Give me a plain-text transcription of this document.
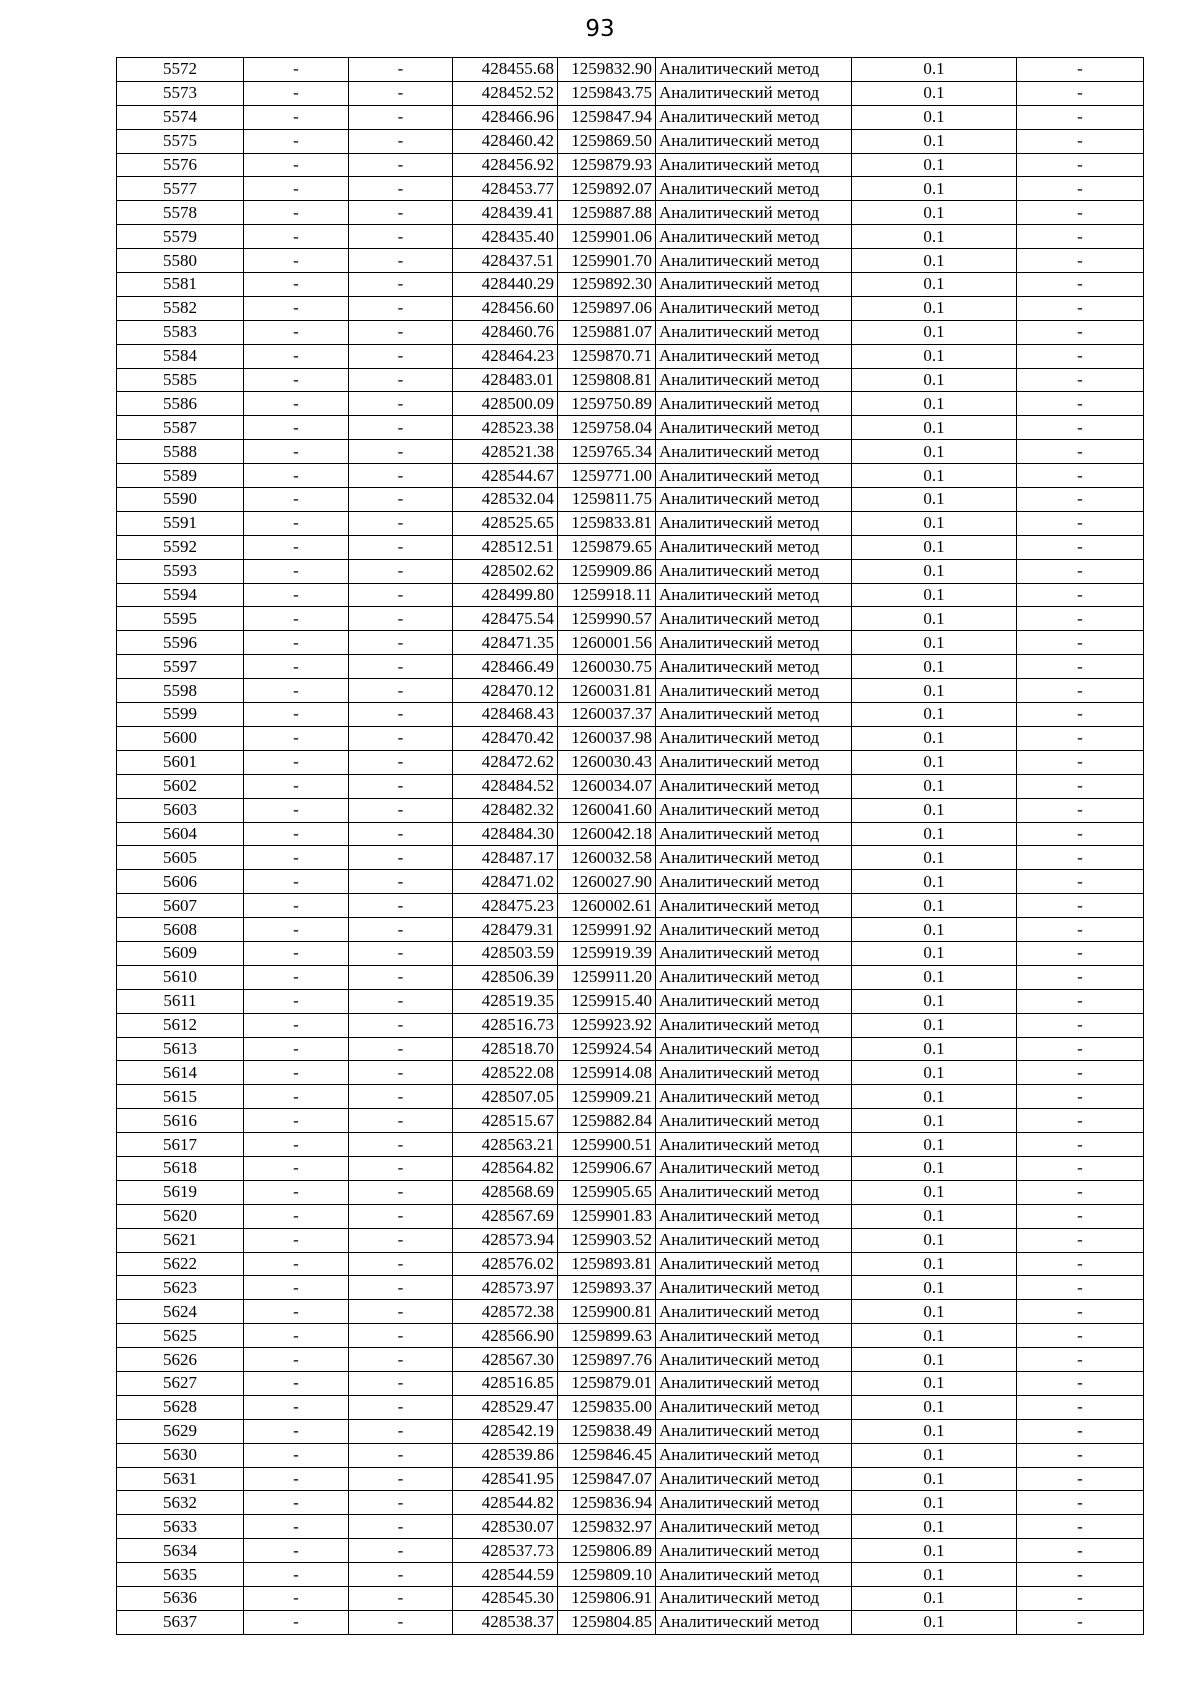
93
5572	-	-	428455.68	1259832.90	Аналитический метод	0.1	-
5573	-	-	428452.52	1259843.75	Аналитический метод	0.1	-
5574	-	-	428466.96	1259847.94	Аналитический метод	0.1	-
5575	-	-	428460.42	1259869.50	Аналитический метод	0.1	-
5576	-	-	428456.92	1259879.93	Аналитический метод	0.1	-
5577	-	-	428453.77	1259892.07	Аналитический метод	0.1	-
5578	-	-	428439.41	1259887.88	Аналитический метод	0.1	-
5579	-	-	428435.40	1259901.06	Аналитический метод	0.1	-
5580	-	-	428437.51	1259901.70	Аналитический метод	0.1	-
5581	-	-	428440.29	1259892.30	Аналитический метод	0.1	-
5582	-	-	428456.60	1259897.06	Аналитический метод	0.1	-
5583	-	-	428460.76	1259881.07	Аналитический метод	0.1	-
5584	-	-	428464.23	1259870.71	Аналитический метод	0.1	-
5585	-	-	428483.01	1259808.81	Аналитический метод	0.1	-
5586	-	-	428500.09	1259750.89	Аналитический метод	0.1	-
5587	-	-	428523.38	1259758.04	Аналитический метод	0.1	-
5588	-	-	428521.38	1259765.34	Аналитический метод	0.1	-
5589	-	-	428544.67	1259771.00	Аналитический метод	0.1	-
5590	-	-	428532.04	1259811.75	Аналитический метод	0.1	-
5591	-	-	428525.65	1259833.81	Аналитический метод	0.1	-
5592	-	-	428512.51	1259879.65	Аналитический метод	0.1	-
5593	-	-	428502.62	1259909.86	Аналитический метод	0.1	-
5594	-	-	428499.80	1259918.11	Аналитический метод	0.1	-
5595	-	-	428475.54	1259990.57	Аналитический метод	0.1	-
5596	-	-	428471.35	1260001.56	Аналитический метод	0.1	-
5597	-	-	428466.49	1260030.75	Аналитический метод	0.1	-
5598	-	-	428470.12	1260031.81	Аналитический метод	0.1	-
5599	-	-	428468.43	1260037.37	Аналитический метод	0.1	-
5600	-	-	428470.42	1260037.98	Аналитический метод	0.1	-
5601	-	-	428472.62	1260030.43	Аналитический метод	0.1	-
5602	-	-	428484.52	1260034.07	Аналитический метод	0.1	-
5603	-	-	428482.32	1260041.60	Аналитический метод	0.1	-
5604	-	-	428484.30	1260042.18	Аналитический метод	0.1	-
5605	-	-	428487.17	1260032.58	Аналитический метод	0.1	-
5606	-	-	428471.02	1260027.90	Аналитический метод	0.1	-
5607	-	-	428475.23	1260002.61	Аналитический метод	0.1	-
5608	-	-	428479.31	1259991.92	Аналитический метод	0.1	-
5609	-	-	428503.59	1259919.39	Аналитический метод	0.1	-
5610	-	-	428506.39	1259911.20	Аналитический метод	0.1	-
5611	-	-	428519.35	1259915.40	Аналитический метод	0.1	-
5612	-	-	428516.73	1259923.92	Аналитический метод	0.1	-
5613	-	-	428518.70	1259924.54	Аналитический метод	0.1	-
5614	-	-	428522.08	1259914.08	Аналитический метод	0.1	-
5615	-	-	428507.05	1259909.21	Аналитический метод	0.1	-
5616	-	-	428515.67	1259882.84	Аналитический метод	0.1	-
5617	-	-	428563.21	1259900.51	Аналитический метод	0.1	-
5618	-	-	428564.82	1259906.67	Аналитический метод	0.1	-
5619	-	-	428568.69	1259905.65	Аналитический метод	0.1	-
5620	-	-	428567.69	1259901.83	Аналитический метод	0.1	-
5621	-	-	428573.94	1259903.52	Аналитический метод	0.1	-
5622	-	-	428576.02	1259893.81	Аналитический метод	0.1	-
5623	-	-	428573.97	1259893.37	Аналитический метод	0.1	-
5624	-	-	428572.38	1259900.81	Аналитический метод	0.1	-
5625	-	-	428566.90	1259899.63	Аналитический метод	0.1	-
5626	-	-	428567.30	1259897.76	Аналитический метод	0.1	-
5627	-	-	428516.85	1259879.01	Аналитический метод	0.1	-
5628	-	-	428529.47	1259835.00	Аналитический метод	0.1	-
5629	-	-	428542.19	1259838.49	Аналитический метод	0.1	-
5630	-	-	428539.86	1259846.45	Аналитический метод	0.1	-
5631	-	-	428541.95	1259847.07	Аналитический метод	0.1	-
5632	-	-	428544.82	1259836.94	Аналитический метод	0.1	-
5633	-	-	428530.07	1259832.97	Аналитический метод	0.1	-
5634	-	-	428537.73	1259806.89	Аналитический метод	0.1	-
5635	-	-	428544.59	1259809.10	Аналитический метод	0.1	-
5636	-	-	428545.30	1259806.91	Аналитический метод	0.1	-
5637	-	-	428538.37	1259804.85	Аналитический метод	0.1	-
